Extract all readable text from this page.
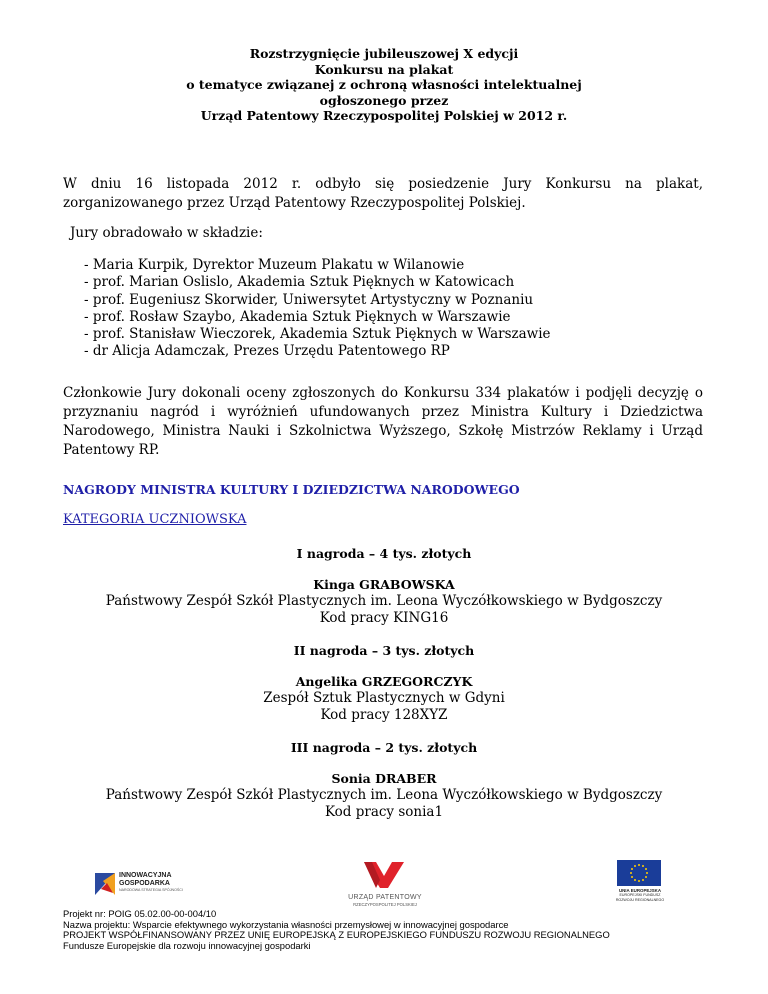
Rozstrzygnięcie jubileuszowej X edycji
Konkursu na plakat
o tematyce związanej z ochroną własności intelektualnej
ogłoszonego przez
Urząd Patentowy Rzeczypospolitej Polskiej w 2012 r.
W dniu 16 listopada 2012 r. odbyło się posiedzenie Jury Konkursu na plakat, zorganizowanego przez Urząd Patentowy Rzeczypospolitej Polskiej.
Jury obradowało w składzie:
- Maria Kurpik, Dyrektor Muzeum Plakatu w Wilanowie
- prof. Marian Oslislo, Akademia Sztuk Pięknych w Katowicach
- prof. Eugeniusz Skorwider, Uniwersytet Artystyczny w Poznaniu
- prof. Rosław Szaybo, Akademia Sztuk Pięknych w Warszawie
- prof. Stanisław Wieczorek, Akademia Sztuk Pięknych w Warszawie
- dr Alicja Adamczak, Prezes Urzędu Patentowego RP
Członkowie Jury dokonali oceny zgłoszonych do Konkursu 334 plakatów i podjęli decyzję o przyznaniu nagród i wyróżnień ufundowanych przez Ministra Kultury i Dziedzictwa Narodowego, Ministra Nauki i Szkolnictwa Wyższego, Szkołę Mistrzów Reklamy i Urząd Patentowy RP.
NAGRODY MINISTRA KULTURY I DZIEDZICTWA NARODOWEGO
KATEGORIA UCZNIOWSKA
I nagroda – 4 tys. złotych
Kinga GRABOWSKA
Państwowy Zespół Szkół Plastycznych im. Leona Wyczółkowskiego w Bydgoszczy
Kod pracy KING16
II nagroda – 3 tys. złotych
Angelika GRZEGORCZYK
Zespół Sztuk Plastycznych w Gdyni
Kod pracy 128XYZ
III nagroda – 2 tys. złotych
Sonia DRABER
Państwowy Zespół Szkół Plastycznych im. Leona Wyczółkowskiego w Bydgoszczy
Kod pracy sonia1
INNOWACYJNA
GOSPODARKA
NARODOWA STRATEGIA SPÓJNOŚCI
URZĄD PATENTOWY
RZECZYPOSPOLITEJ POLSKIEJ
UNIA EUROPEJSKA
EUROPEJSKI FUNDUSZ
ROZWOJU REGIONALNEGO
Projekt nr: POIG 05.02.00-00-004/10
Nazwa projektu: Wsparcie efektywnego wykorzystania własności przemysłowej w innowacyjnej gospodarce
PROJEKT WSPÓŁFINANSOWANY PRZEZ UNIĘ EUROPEJSKĄ Z EUROPEJSKIEGO FUNDUSZU ROZWOJU REGIONALNEGO
Fundusze Europejskie dla rozwoju innowacyjnej gospodarki
